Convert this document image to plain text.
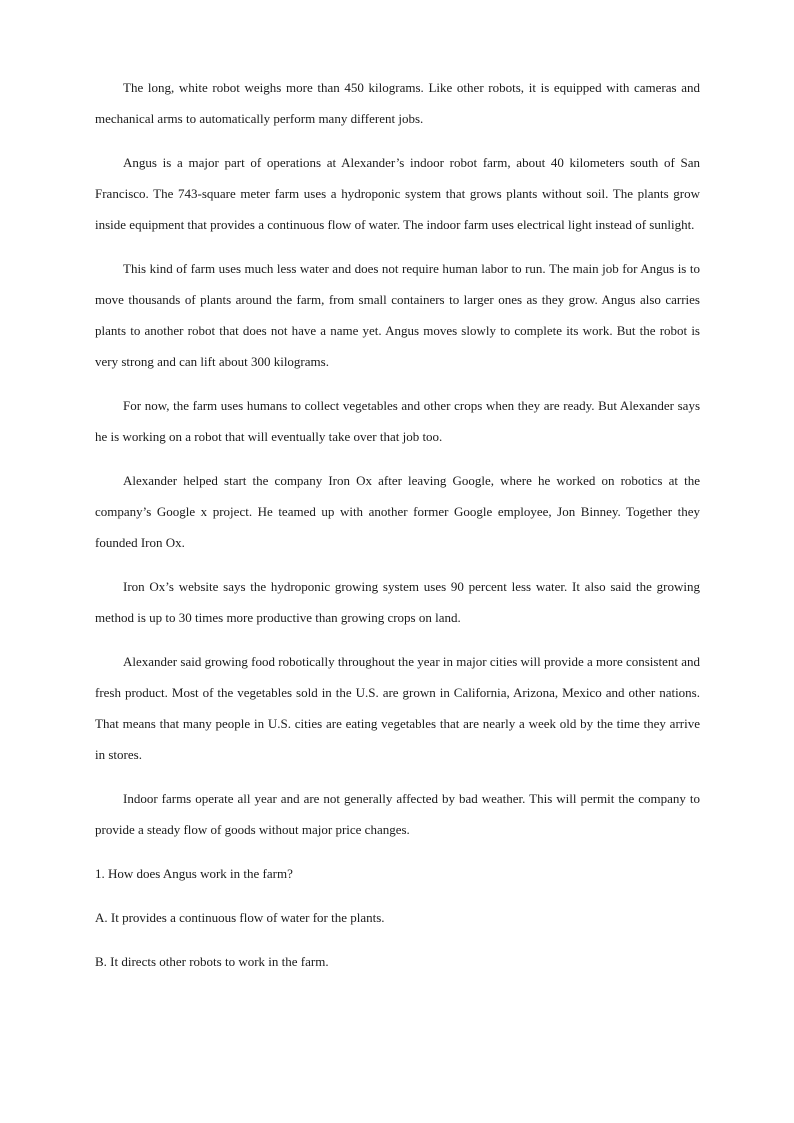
The long, white robot weighs more than 450 kilograms. Like other robots, it is equipped with cameras and mechanical arms to automatically perform many different jobs.

Angus is a major part of operations at Alexander’s indoor robot farm, about 40 kilometers south of San Francisco. The 743-square meter farm uses a hydroponic system that grows plants without soil. The plants grow inside equipment that provides a continuous flow of water. The indoor farm uses electrical light instead of sunlight.

This kind of farm uses much less water and does not require human labor to run. The main job for Angus is to move thousands of plants around the farm, from small containers to larger ones as they grow. Angus also carries plants to another robot that does not have a name yet. Angus moves slowly to complete its work. But the robot is very strong and can lift about 300 kilograms.

For now, the farm uses humans to collect vegetables and other crops when they are ready. But Alexander says he is working on a robot that will eventually take over that job too.

Alexander helped start the company Iron Ox after leaving Google, where he worked on robotics at the company’s Google x project. He teamed up with another former Google employee, Jon Binney. Together they founded Iron Ox.

Iron Ox’s website says the hydroponic growing system uses 90 percent less water. It also said the growing method is up to 30 times more productive than growing crops on land.

Alexander said growing food robotically throughout the year in major cities will provide a more consistent and fresh product. Most of the vegetables sold in the U.S. are grown in California, Arizona, Mexico and other nations. That means that many people in U.S. cities are eating vegetables that are nearly a week old by the time they arrive in stores.

Indoor farms operate all year and are not generally affected by bad weather. This will permit the company to provide a steady flow of goods without major price changes.

1. How does Angus work in the farm?

A. It provides a continuous flow of water for the plants.

B. It directs other robots to work in the farm.
